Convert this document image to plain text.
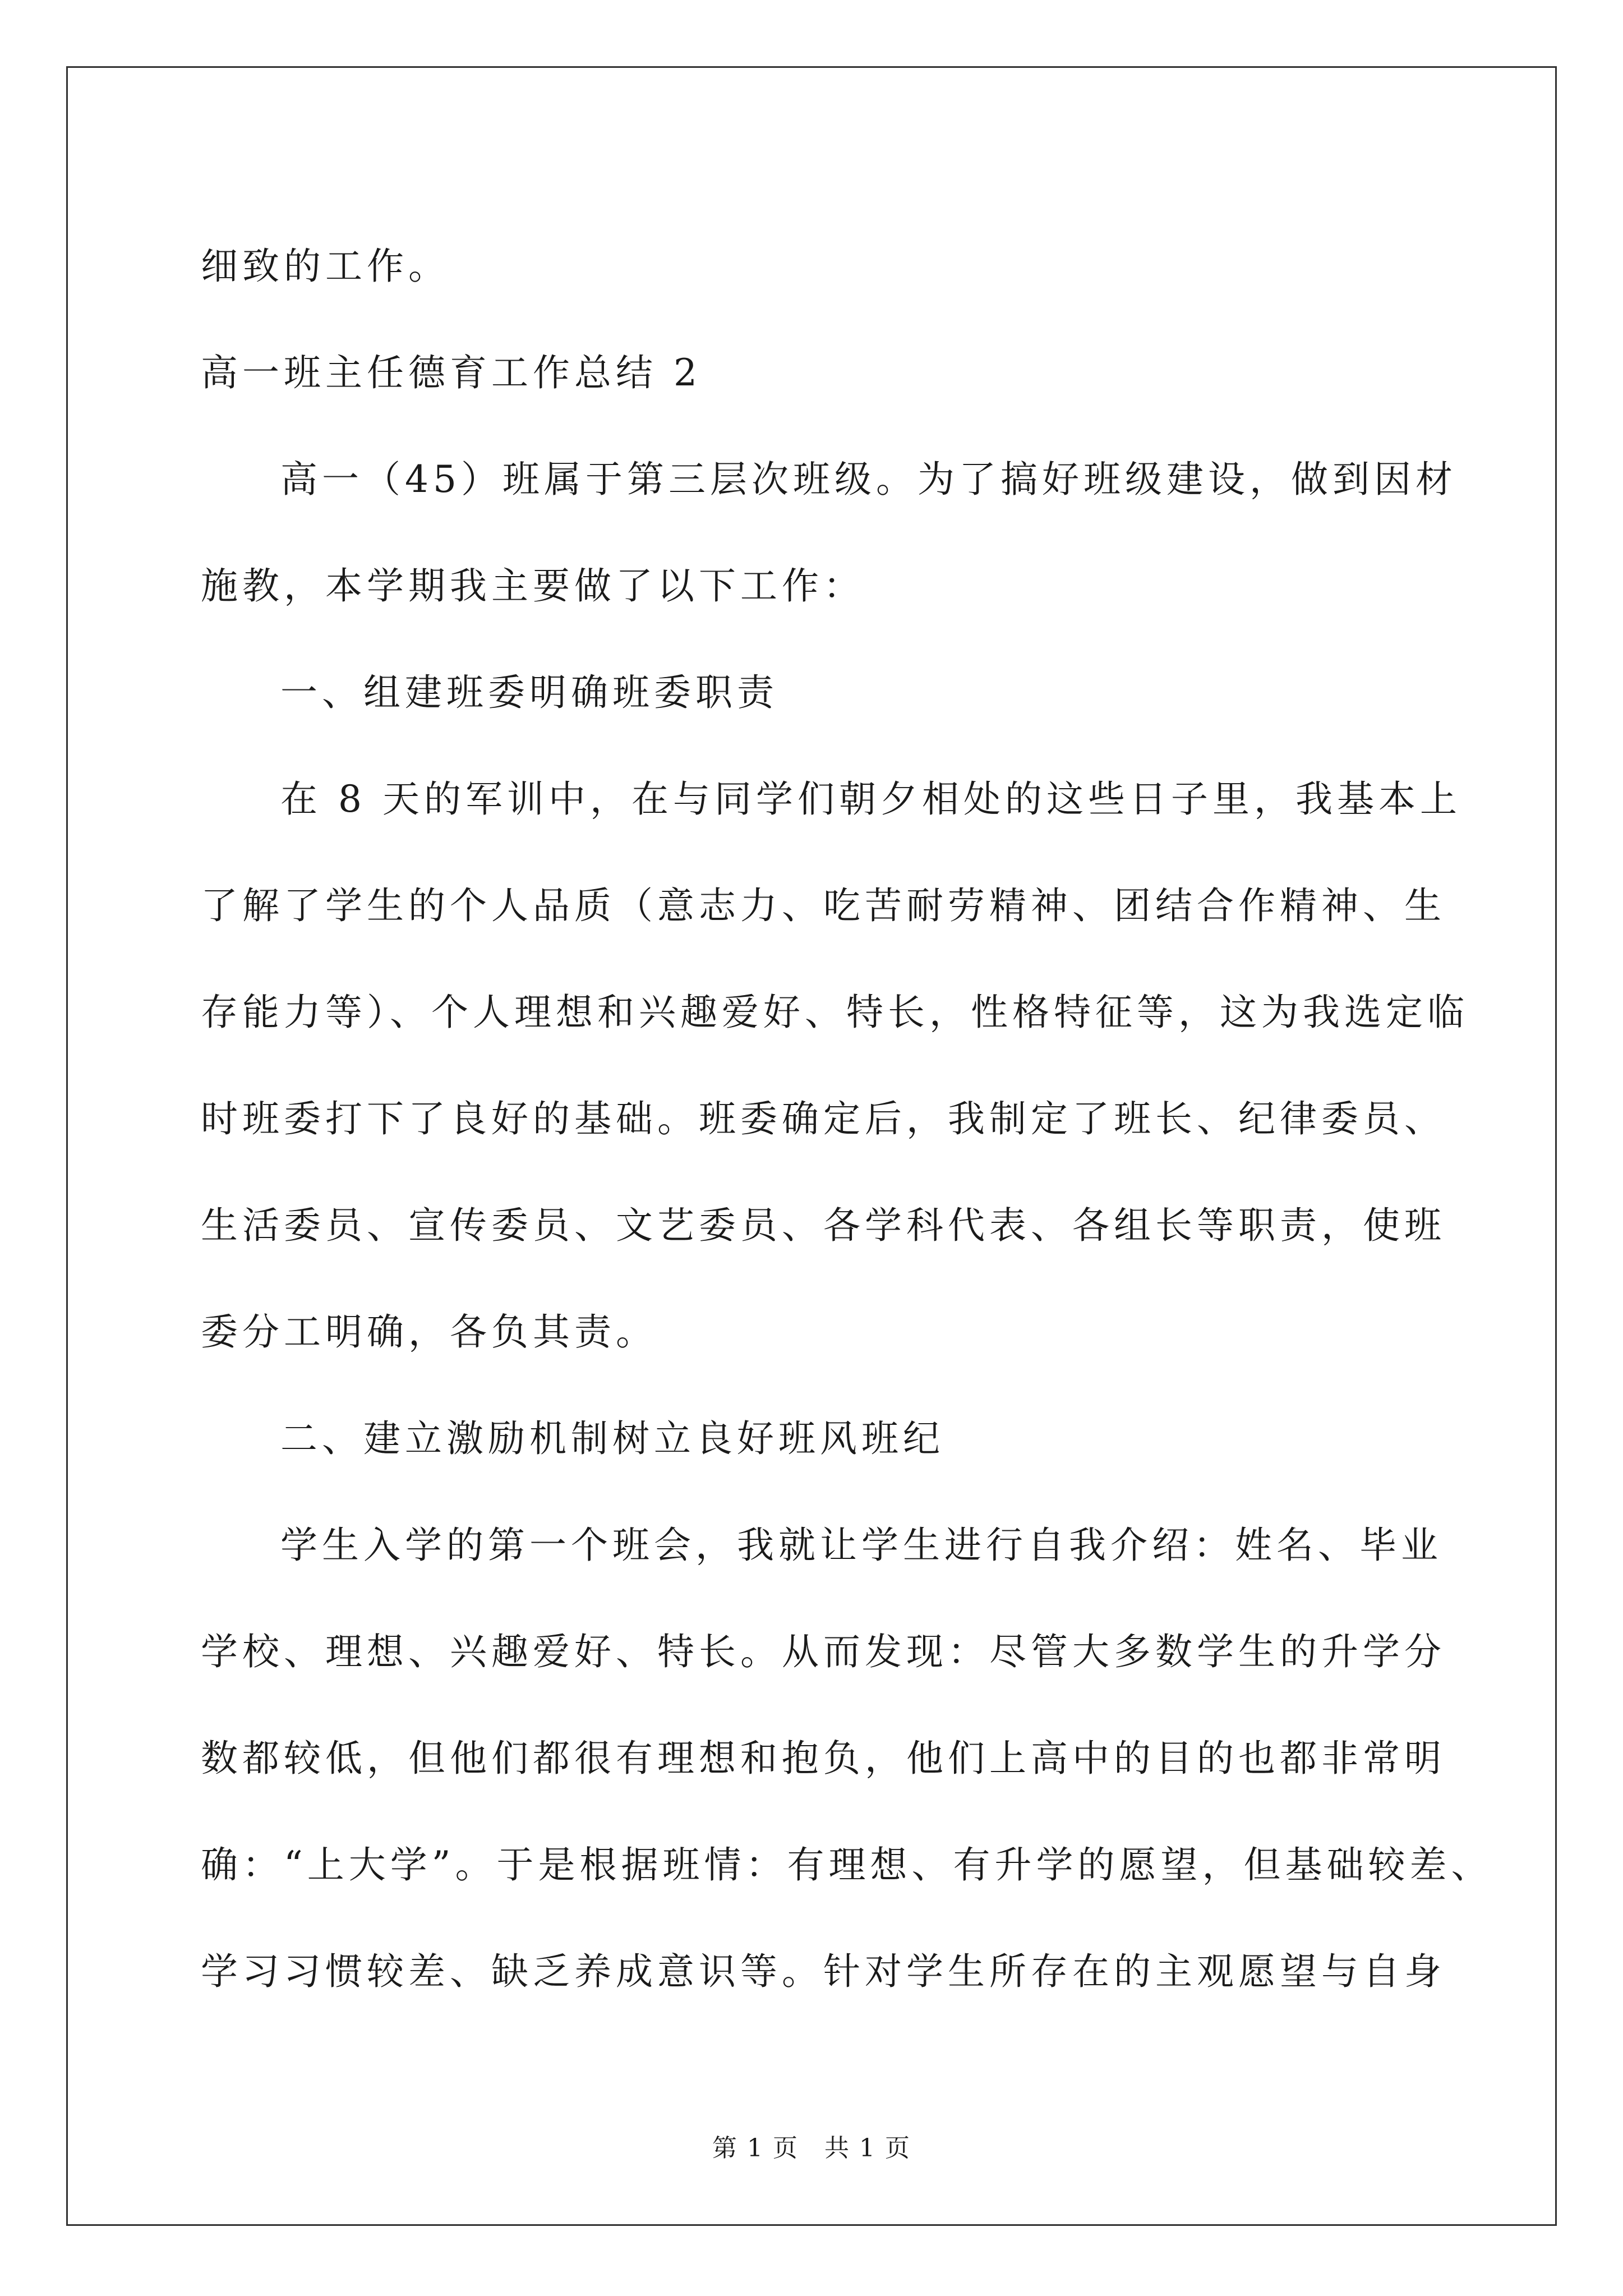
细致的工作。
高一班主任德育工作总结 2
高一（45）班属于第三层次班级。为了搞好班级建设，做到因材
施教，本学期我主要做了以下工作：
一、组建班委明确班委职责
在 8 天的军训中，在与同学们朝夕相处的这些日子里，我基本上
了解了学生的个人品质（意志力、吃苦耐劳精神、团结合作精神、生
存能力等）、个人理想和兴趣爱好、特长，性格特征等，这为我选定临
时班委打下了良好的基础。班委确定后，我制定了班长、纪律委员、
生活委员、宣传委员、文艺委员、各学科代表、各组长等职责，使班
委分工明确，各负其责。
二、建立激励机制树立良好班风班纪
学生入学的第一个班会，我就让学生进行自我介绍：姓名、毕业
学校、理想、兴趣爱好、特长。从而发现：尽管大多数学生的升学分
数都较低，但他们都很有理想和抱负，他们上高中的目的也都非常明
确：“上大学”。于是根据班情：有理想、有升学的愿望，但基础较差、
学习习惯较差、缺乏养成意识等。针对学生所存在的主观愿望与自身
第 1 页 共 1 页
